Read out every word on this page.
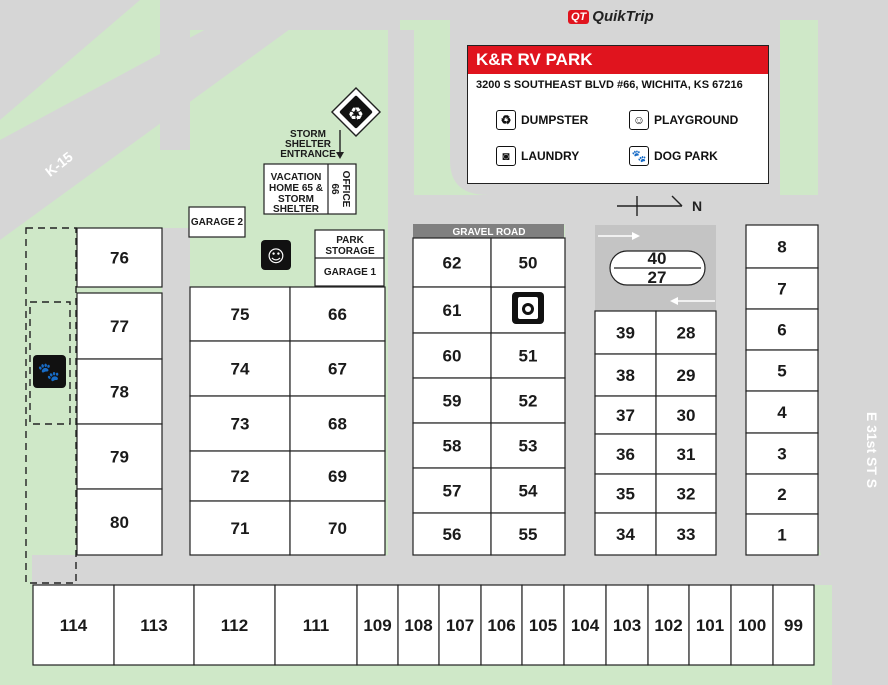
76
77
78
79
80
75
74
73
72
71
66
67
68
69
70
62
61
60
59
58
57
56
50
51
52
53
54
55
39
38
37
36
35
34
28
29
30
31
32
33
8
7
6
5
4
3
2
1
114	113	112	111 109 108 107 106 105 104 103 102 101 100 99
VACATION
HOME 65 &
STORM
SHELTER
OFFICE
66
GARAGE 2
PARK
STORAGE
GARAGE 1
STORM
SHELTER
ENTRANCE
♻
☺
🐾
40
27
GRAVEL ROAD
N
K-15
E 31st ST S
QT QuikTrip
K&R RV PARK
3200 S SOUTHEAST BLVD #66, WICHITA, KS 67216
♻ DUMPSTER	☺ PLAYGROUND
◙ LAUNDRY	🐾 DOG PARK
